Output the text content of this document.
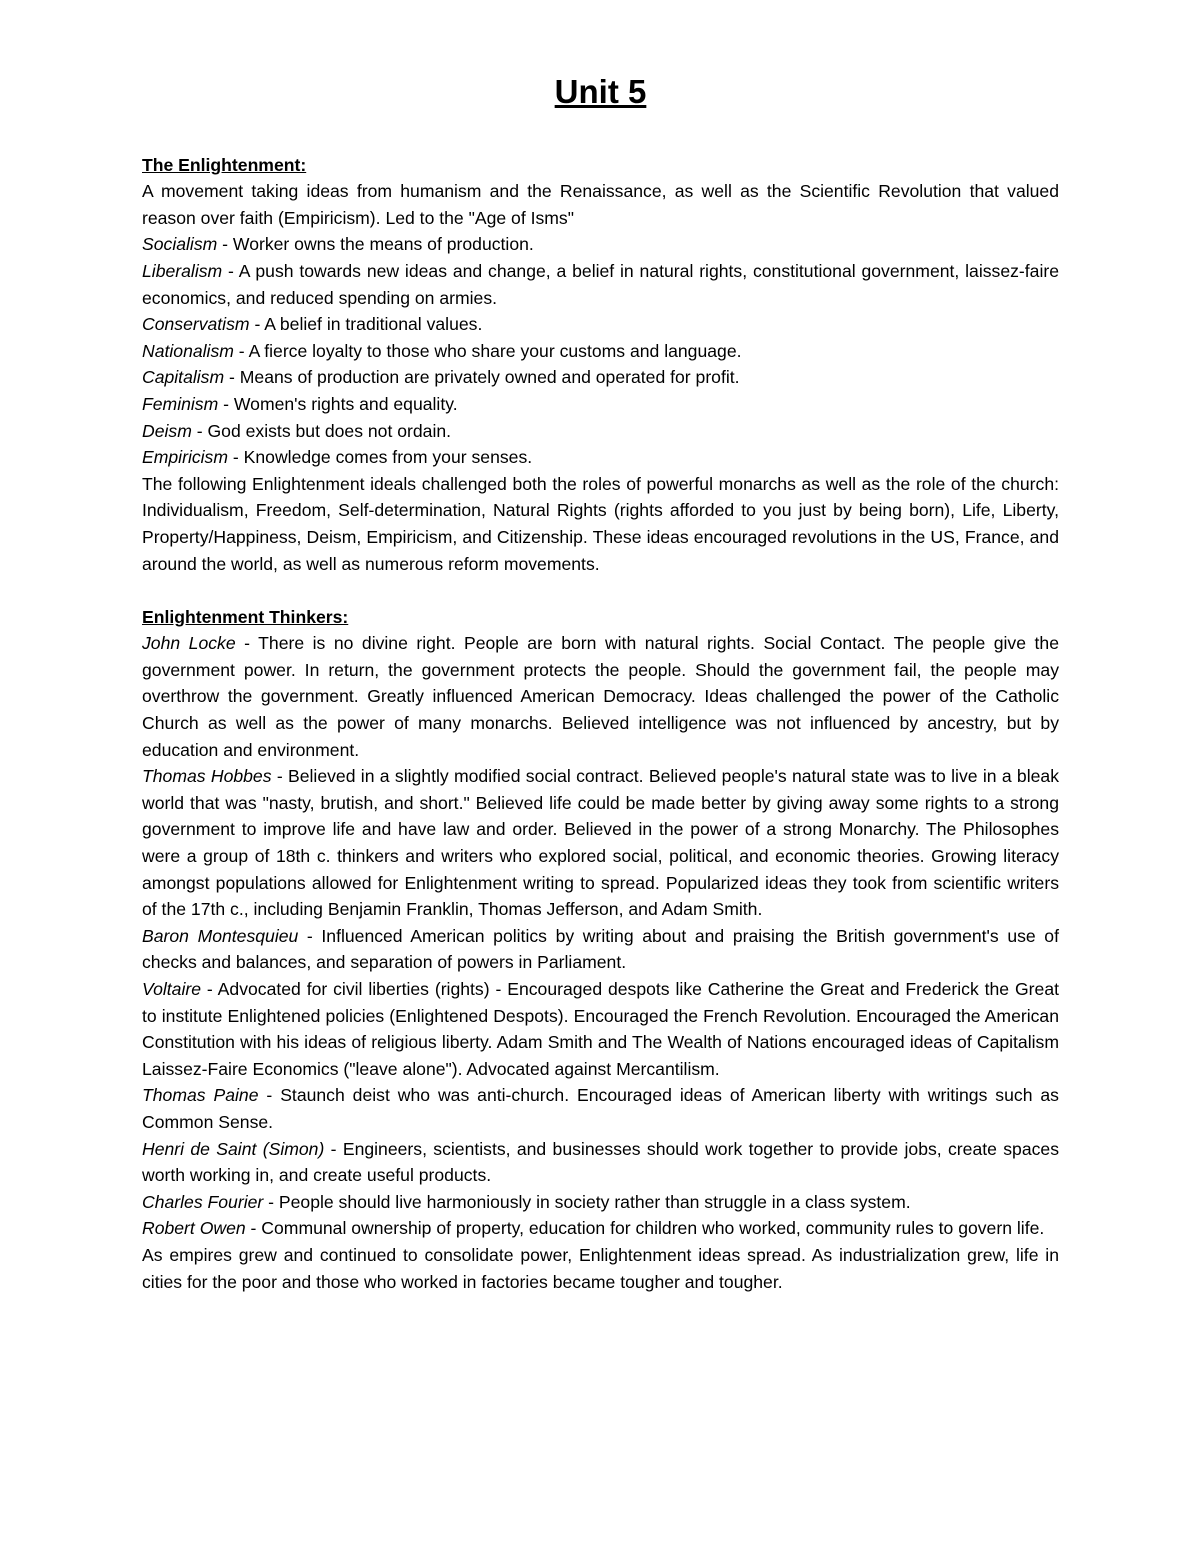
Unit 5
The Enlightenment:

A movement taking ideas from humanism and the Renaissance, as well as the Scientific Revolution that valued reason over faith (Empiricism). Led to the "Age of Isms"

Socialism - Worker owns the means of production.

Liberalism - A push towards new ideas and change, a belief in natural rights, constitutional government, laissez-faire economics, and reduced spending on armies.

Conservatism - A belief in traditional values.

Nationalism - A fierce loyalty to those who share your customs and language.

Capitalism - Means of production are privately owned and operated for profit.

Feminism - Women's rights and equality.

Deism - God exists but does not ordain.

Empiricism - Knowledge comes from your senses.

The following Enlightenment ideals challenged both the roles of powerful monarchs as well as the role of the church: Individualism, Freedom, Self-determination, Natural Rights (rights afforded to you just by being born), Life, Liberty, Property/Happiness, Deism, Empiricism, and Citizenship. These ideas encouraged revolutions in the US, France, and around the world, as well as numerous reform movements.

Enlightenment Thinkers:

John Locke - There is no divine right. People are born with natural rights. Social Contact. The people give the government power. In return, the government protects the people. Should the government fail, the people may overthrow the government. Greatly influenced American Democracy. Ideas challenged the power of the Catholic Church as well as the power of many monarchs. Believed intelligence was not influenced by ancestry, but by education and environment.

Thomas Hobbes - Believed in a slightly modified social contract. Believed people's natural state was to live in a bleak world that was "nasty, brutish, and short." Believed life could be made better by giving away some rights to a strong government to improve life and have law and order. Believed in the power of a strong Monarchy. The Philosophes were a group of 18th c. thinkers and writers who explored social, political, and economic theories. Growing literacy amongst populations allowed for Enlightenment writing to spread. Popularized ideas they took from scientific writers of the 17th c., including Benjamin Franklin, Thomas Jefferson, and Adam Smith.

Baron Montesquieu - Influenced American politics by writing about and praising the British government's use of checks and balances, and separation of powers in Parliament.

Voltaire - Advocated for civil liberties (rights) - Encouraged despots like Catherine the Great and Frederick the Great to institute Enlightened policies (Enlightened Despots). Encouraged the French Revolution. Encouraged the American Constitution with his ideas of religious liberty. Adam Smith and The Wealth of Nations encouraged ideas of Capitalism Laissez-Faire Economics ("leave alone"). Advocated against Mercantilism.

Thomas Paine - Staunch deist who was anti-church. Encouraged ideas of American liberty with writings such as Common Sense.

Henri de Saint (Simon) - Engineers, scientists, and businesses should work together to provide jobs, create spaces worth working in, and create useful products.

Charles Fourier - People should live harmoniously in society rather than struggle in a class system.

Robert Owen - Communal ownership of property, education for children who worked, community rules to govern life.

As empires grew and continued to consolidate power, Enlightenment ideas spread. As industrialization grew, life in cities for the poor and those who worked in factories became tougher and tougher.
